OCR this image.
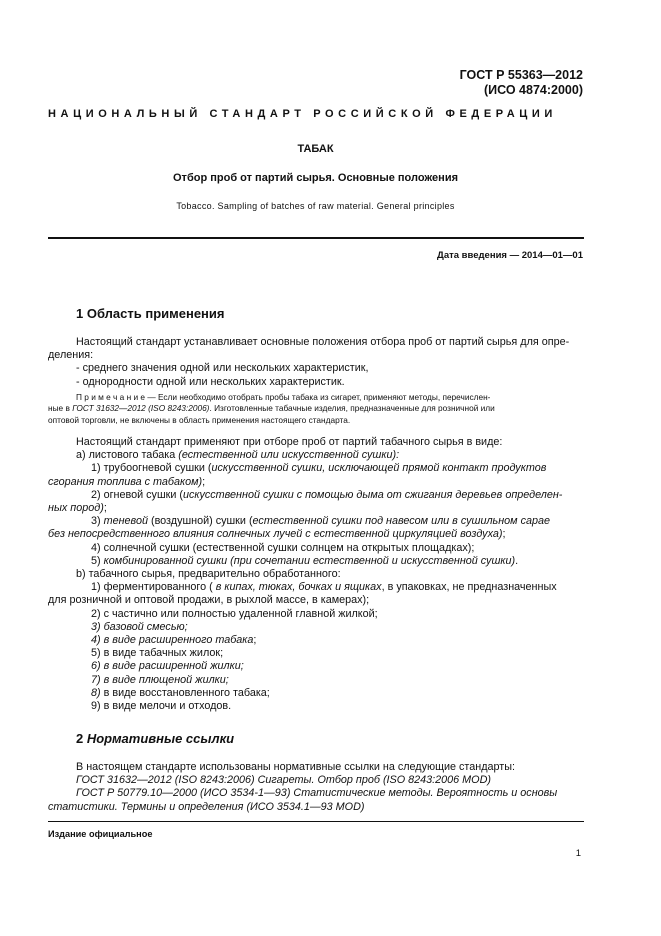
ГОСТ Р 55363—2012
(ИСО 4874:2000)
НАЦИОНАЛЬНЫЙ СТАНДАРТ РОССИЙСКОЙ ФЕДЕРАЦИИ
ТАБАК
Отбор проб от партий сырья. Основные положения
Tobacco. Sampling of batches of raw material. General principles
Дата введения — 2014—01—01
1 Область применения
Настоящий стандарт устанавливает основные положения отбора проб от партий сырья для опре-
деления:
- среднего значения одной или нескольких характеристик,
- однородности одной или нескольких характеристик.
П р и м е ч а н и е — Если необходимо отобрать пробы табака из сигарет, применяют методы, перечислен-
ные в ГОСТ 31632—2012 (ISO 8243:2006). Изготовленные табачные изделия, предназначенные для розничной или
оптовой торговли, не включены в область применения настоящего стандарта.
Настоящий стандарт применяют при отборе проб от партий табачного сырья в виде:
a) листового табака (естественной или искусственной сушки):
1) трубоогневой сушки (искусственной сушки, исключающей прямой контакт продуктов
сгорания топлива с табаком);
2) огневой сушки (искусственной сушки с помощью дыма от сжигания деревьев определен-
ных пород);
3) теневой (воздушной) сушки (естественной сушки под навесом или в сушильном сарае
без непосредственного влияния солнечных лучей с естественной циркуляцией воздуха);
4) солнечной сушки (естественной сушки солнцем на открытых площадках);
5) комбинированной сушки (при сочетании естественной и искусственной сушки).
b) табачного сырья, предварительно обработанного:
1) ферментированного ( в кипах, тюках, бочках и ящиках, в упаковках, не предназначенных
для розничной и оптовой продажи, в рыхлой массе, в камерах);
2) с частично или полностью удаленной главной жилкой;
3) базовой смесью;
4) в виде расширенного табака;
5) в виде табачных жилок;
6) в виде расширенной жилки;
7) в виде плющеной жилки;
8) в виде восстановленного табака;
9) в виде мелочи и отходов.
2 Нормативные ссылки
В настоящем стандарте использованы нормативные ссылки на следующие стандарты:
ГОСТ 31632—2012 (ISO 8243:2006) Сигареты. Отбор проб (ISO 8243:2006 MOD)
ГОСТ Р 50779.10—2000 (ИСО 3534-1—93) Статистические методы. Вероятность и основы
статистики. Термины и определения (ИСО 3534.1—93 MOD)
Издание официальное
1
